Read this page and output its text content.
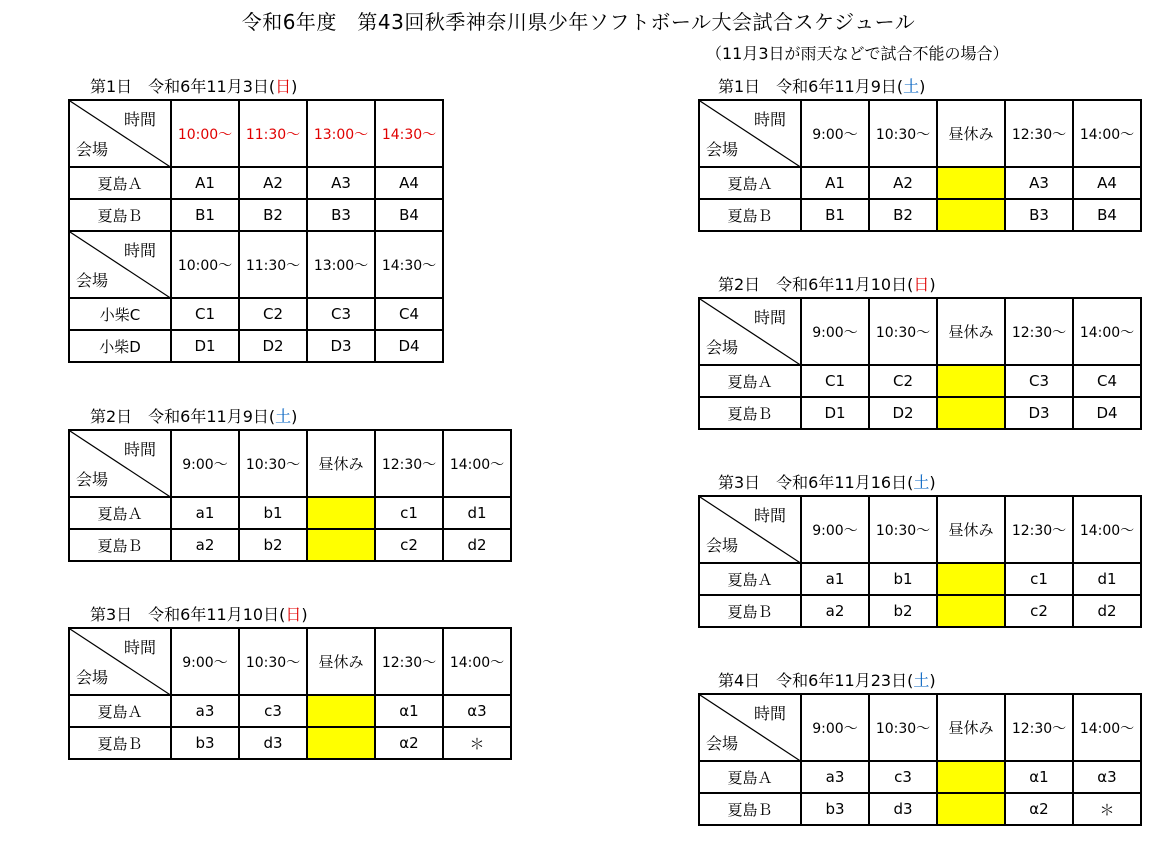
令和6年度　第43回秋季神奈川県少年ソフトボール大会試合スケジュール
（11月3日が雨天などで試合不能の場合）
第1日　令和6年11月3日(日)
時間
会場	10:00～	11:30～	13:00～	14:30～
夏島Ａ	A1	A2	A3	A4
夏島Ｂ	B1	B2	B3	B4

時間
会場	10:00～	11:30～	13:00～	14:30～
小柴C	C1	C2	C3	C4
小柴D	D1	D2	D3	D4
第2日　令和6年11月9日(土)
時間
会場	9:00～	10:30～	昼休み	12:30～	14:00～
夏島Ａ	a1	b1		c1	d1
夏島Ｂ	a2	b2		c2	d2
第3日　令和6年11月10日(日)
時間
会場	9:00～	10:30～	昼休み	12:30～	14:00～
夏島Ａ	a3	c3		α1	α3
夏島Ｂ	b3	d3		α2	＊
第1日　令和6年11月9日(土)
時間
会場	9:00～	10:30～	昼休み	12:30～	14:00～
夏島Ａ	A1	A2		A3	A4
夏島Ｂ	B1	B2		B3	B4
第2日　令和6年11月10日(日)
時間
会場	9:00～	10:30～	昼休み	12:30～	14:00～
夏島Ａ	C1	C2		C3	C4
夏島Ｂ	D1	D2		D3	D4
第3日　令和6年11月16日(土)
時間
会場	9:00～	10:30～	昼休み	12:30～	14:00～
夏島Ａ	a1	b1		c1	d1
夏島Ｂ	a2	b2		c2	d2
第4日　令和6年11月23日(土)
時間
会場	9:00～	10:30～	昼休み	12:30～	14:00～
夏島Ａ	a3	c3		α1	α3
夏島Ｂ	b3	d3		α2	＊
